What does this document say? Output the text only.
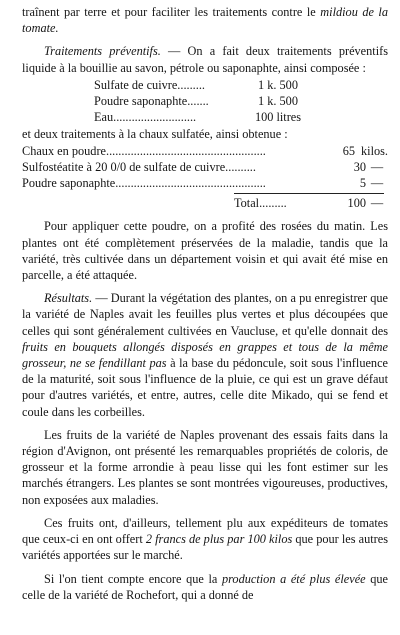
traînent par terre et pour faciliter les traitements contre le mildiou de la tomate.

Traitements préventifs. — On a fait deux traitements préventifs liquide à la bouillie au savon, pétrole ou saponaphte, ainsi composée :

Sulfate de cuivre.........	1 k. 500
Poudre saponaphte.......	1 k. 500
Eau...........................	100 litres

et deux traitements à la chaux sulfatée, ainsi obtenue :

Chaux en poudre....................................................	65 kilos.
Sulfostéatite à 20 0/0 de sulfate de cuivre..........	30 —
Poudre saponaphte.................................................	5 —
Total.........	100 —

Pour appliquer cette poudre, on a profité des rosées du matin. Les plantes ont été complètement préservées de la maladie, tandis que la variété, très cultivée dans un département voisin et qui avait été mise en parcelle, a été attaquée.

Résultats. — Durant la végétation des plantes, on a pu enregistrer que la variété de Naples avait les feuilles plus vertes et plus découpées que celles qui sont généralement cultivées en Vaucluse, et qu'elle donnait des fruits en bouquets allongés disposés en grappes et tous de la même grosseur, ne se fendillant pas à la base du pédoncule, soit sous l'influence de la maturité, soit sous l'influence de la pluie, ce qui est un grave défaut pour d'autres variétés, et entre, autres, celle dite Mikado, qui se fend et coule dans les corbeilles.

Les fruits de la variété de Naples provenant des essais faits dans la région d'Avignon, ont présenté les remarquables propriétés de coloris, de grosseur et la forme arrondie à peau lisse qui les font estimer sur les marchés étrangers. Les plantes se sont montrées vigoureuses, productives, non exposées aux maladies.

Ces fruits ont, d'ailleurs, tellement plu aux expéditeurs de tomates que ceux-ci en ont offert 2 francs de plus par 100 kilos que pour les autres variétés apportées sur le marché.

Si l'on tient compte encore que la production a été plus élevée que celle de la variété de Rochefort, qui a donné de
